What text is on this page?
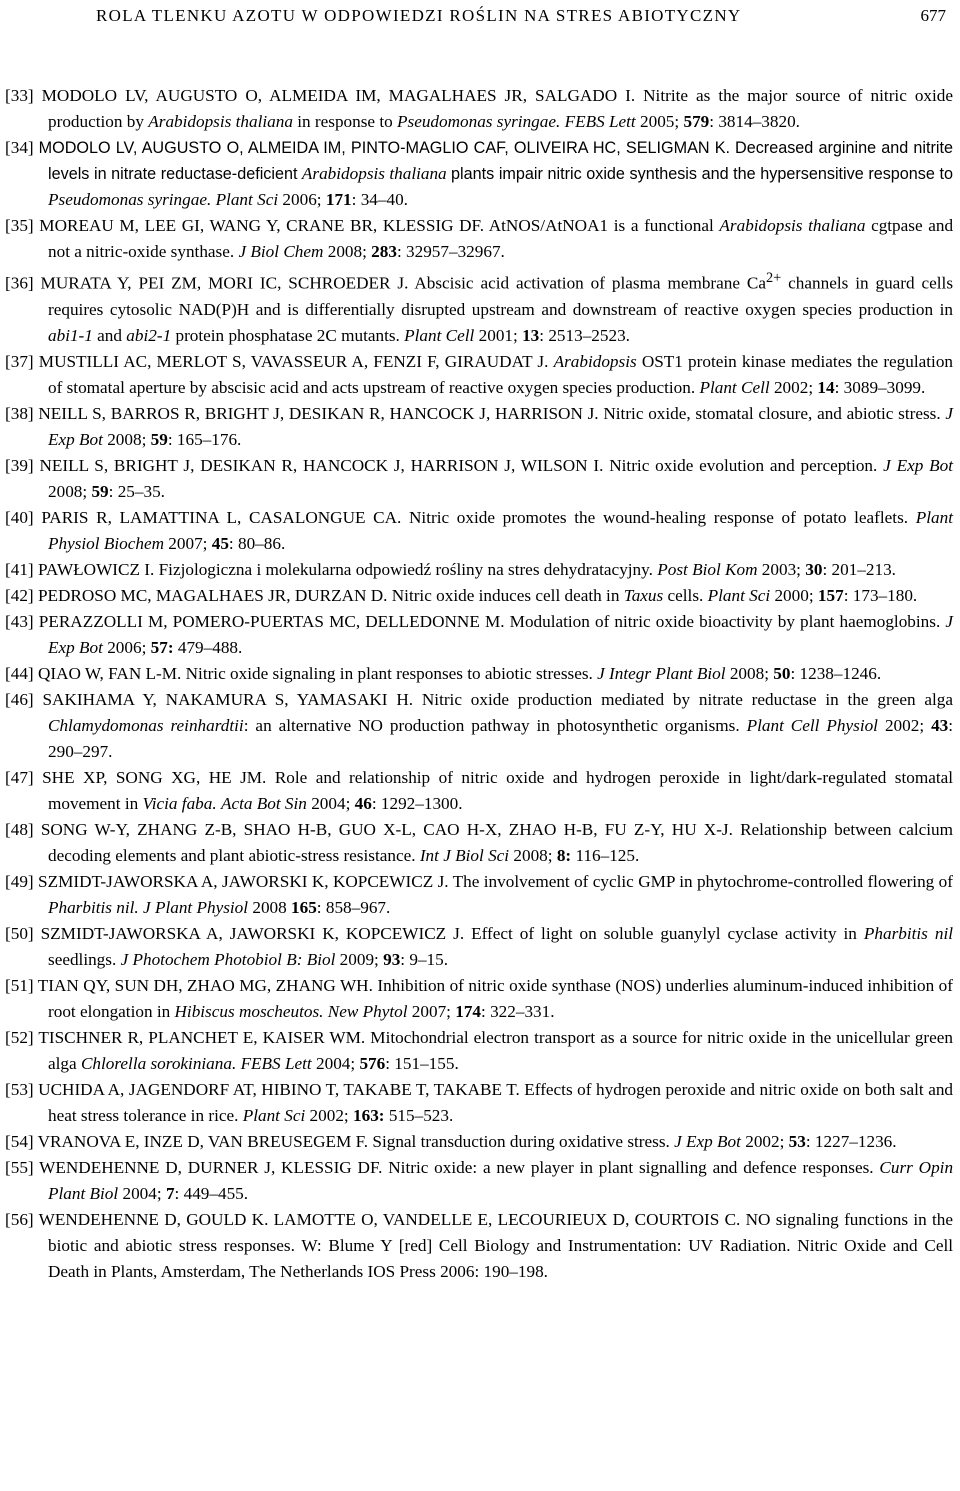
ROLA TLENKU AZOTU W ODPOWIEDZI ROŚLIN NA STRES ABIOTYCZNY	677

[33] MODOLO LV, AUGUSTO O, ALMEIDA IM, MAGALHAES JR, SALGADO I. Nitrite as the major source of nitric oxide production by Arabidopsis thaliana in response to Pseudomonas syringae. FEBS Lett 2005; 579: 3814–3820.

[34] MODOLO LV, AUGUSTO O, ALMEIDA IM, PINTO-MAGLIO CAF, OLIVEIRA HC, SELIGMAN K. Decreased arginine and nitrite levels in nitrate reductase-deficient Arabidopsis thaliana plants impair nitric oxide synthesis and the hypersensitive response to Pseudomonas syringae. Plant Sci 2006; 171: 34–40.

[35] MOREAU M, LEE GI, WANG Y, CRANE BR, KLESSIG DF. AtNOS/AtNOA1 is a functional Arabidopsis thaliana cgtpase and not a nitric-oxide synthase. J Biol Chem 2008; 283: 32957–32967.

[36] MURATA Y, PEI ZM, MORI IC, SCHROEDER J. Abscisic acid activation of plasma membrane $Ca^{2+}$ channels in guard cells requires cytosolic NAD(P)H and is differentially disrupted upstream and downstream of reactive oxygen species production in abi1-1 and abi2-1 protein phosphatase 2C mutants. Plant Cell 2001; 13: 2513–2523.

[37] MUSTILLI AC, MERLOT S, VAVASSEUR A, FENZI F, GIRAUDAT J. Arabidopsis OST1 protein kinase mediates the regulation of stomatal aperture by abscisic acid and acts upstream of reactive oxygen species production. Plant Cell 2002; 14: 3089–3099.

[38] NEILL S, BARROS R, BRIGHT J, DESIKAN R, HANCOCK J, HARRISON J. Nitric oxide, stomatal closure, and abiotic stress. J Exp Bot 2008; 59: 165–176.

[39] NEILL S, BRIGHT J, DESIKAN R, HANCOCK J, HARRISON J, WILSON I. Nitric oxide evolution and perception. J Exp Bot 2008; 59: 25–35.

[40] PARIS R, LAMATTINA L, CASALONGUE CA. Nitric oxide promotes the wound-healing response of potato leaflets. Plant Physiol Biochem 2007; 45: 80–86.

[41] PAWŁOWICZ I. Fizjologiczna i molekularna odpowiedź rośliny na stres dehydratacyjny. Post Biol Kom 2003; 30: 201–213.

[42] PEDROSO MC, MAGALHAES JR, DURZAN D. Nitric oxide induces cell death in Taxus cells. Plant Sci 2000; 157: 173–180.

[43] PERAZZOLLI M, POMERO-PUERTAS MC, DELLEDONNE M. Modulation of nitric oxide bioactivity by plant haemoglobins. J Exp Bot 2006; 57: 479–488.

[44] QIAO W, FAN L-M. Nitric oxide signaling in plant responses to abiotic stresses. J Integr Plant Biol 2008; 50: 1238–1246.

[46] SAKIHAMA Y, NAKAMURA S, YAMASAKI H. Nitric oxide production mediated by nitrate reductase in the green alga Chlamydomonas reinhardtii: an alternative NO production pathway in photosynthetic organisms. Plant Cell Physiol 2002; 43: 290–297.

[47] SHE XP, SONG XG, HE JM. Role and relationship of nitric oxide and hydrogen peroxide in light/dark-regulated stomatal movement in Vicia faba. Acta Bot Sin 2004; 46: 1292–1300.

[48] SONG W-Y, ZHANG Z-B, SHAO H-B, GUO X-L, CAO H-X, ZHAO H-B, FU Z-Y, HU X-J. Relationship between calcium decoding elements and plant abiotic-stress resistance. Int J Biol Sci 2008; 8: 116–125.

[49] SZMIDT-JAWORSKA A, JAWORSKI K, KOPCEWICZ J. The involvement of cyclic GMP in phytochrome-controlled flowering of Pharbitis nil. J Plant Physiol 2008 165: 858–967.

[50] SZMIDT-JAWORSKA A, JAWORSKI K, KOPCEWICZ J. Effect of light on soluble guanylyl cyclase activity in Pharbitis nil seedlings. J Photochem Photobiol B: Biol 2009; 93: 9–15.

[51] TIAN QY, SUN DH, ZHAO MG, ZHANG WH. Inhibition of nitric oxide synthase (NOS) underlies aluminum-induced inhibition of root elongation in Hibiscus moscheutos. New Phytol 2007; 174: 322–331.

[52] TISCHNER R, PLANCHET E, KAISER WM. Mitochondrial electron transport as a source for nitric oxide in the unicellular green alga Chlorella sorokiniana. FEBS Lett 2004; 576: 151–155.

[53] UCHIDA A, JAGENDORF AT, HIBINO T, TAKABE T, TAKABE T. Effects of hydrogen peroxide and nitric oxide on both salt and heat stress tolerance in rice. Plant Sci 2002; 163: 515–523.

[54] VRANOVA E, INZE D, VAN BREUSEGEM F. Signal transduction during oxidative stress. J Exp Bot 2002; 53: 1227–1236.

[55] WENDEHENNE D, DURNER J, KLESSIG DF. Nitric oxide: a new player in plant signalling and defence responses. Curr Opin Plant Biol 2004; 7: 449–455.

[56] WENDEHENNE D, GOULD K. LAMOTTE O, VANDELLE E, LECOURIEUX D, COURTOIS C. NO signaling functions in the biotic and abiotic stress responses. W: Blume Y [red] Cell Biology and Instrumentation: UV Radiation. Nitric Oxide and Cell Death in Plants, Amsterdam, The Netherlands IOS Press 2006: 190–198.
